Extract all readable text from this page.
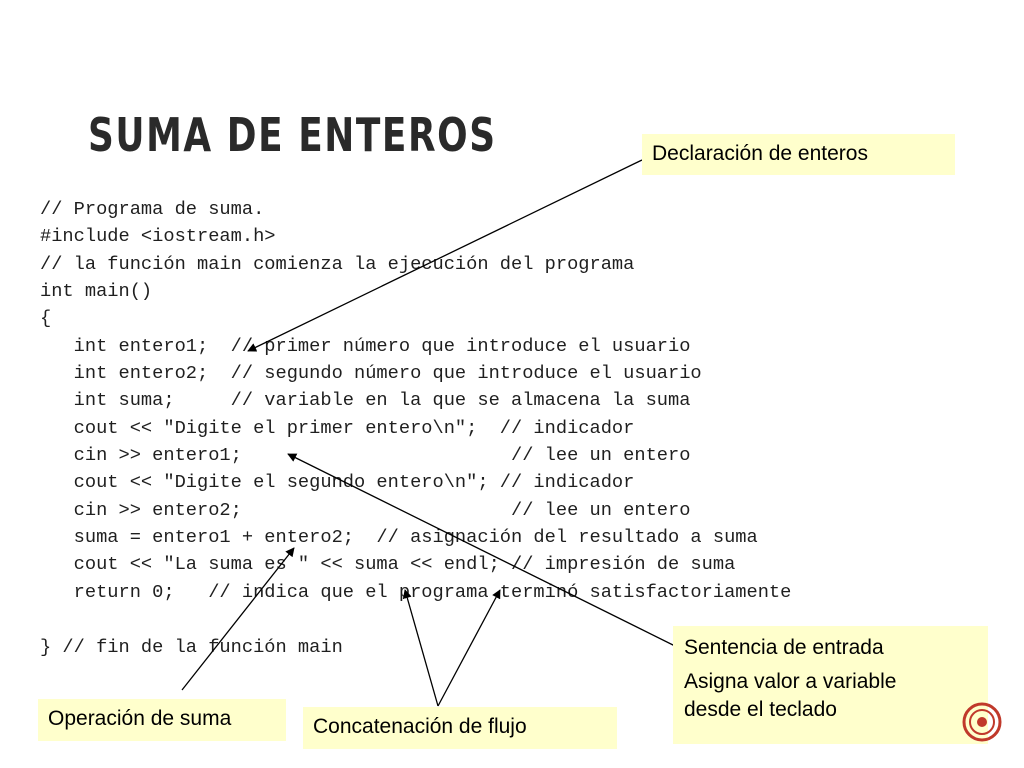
SUMA DE ENTEROS
// Programa de suma.
#include <iostream.h>
// la función main comienza la ejecución del programa
int main()
{
int entero1;  // primer número que introduce el usuario
int entero2;  // segundo número que introduce el usuario
int suma;     // variable en la que se almacena la suma
cout << "Digite el primer entero\n";  // indicador
cin >> entero1;                        // lee un entero
cout << "Digite el segundo entero\n"; // indicador
cin >> entero2;                        // lee un entero
suma = entero1 + entero2;  // asignación del resultado a suma
cout << "La suma es " << suma << endl; // impresión de suma
return 0;   // indica que el programa terminó satisfactoriamente

} // fin de la función main
Declaración de enteros
Sentencia de entrada
Asigna valor a variable
desde el teclado
Operación de suma	Concatenación de flujo
